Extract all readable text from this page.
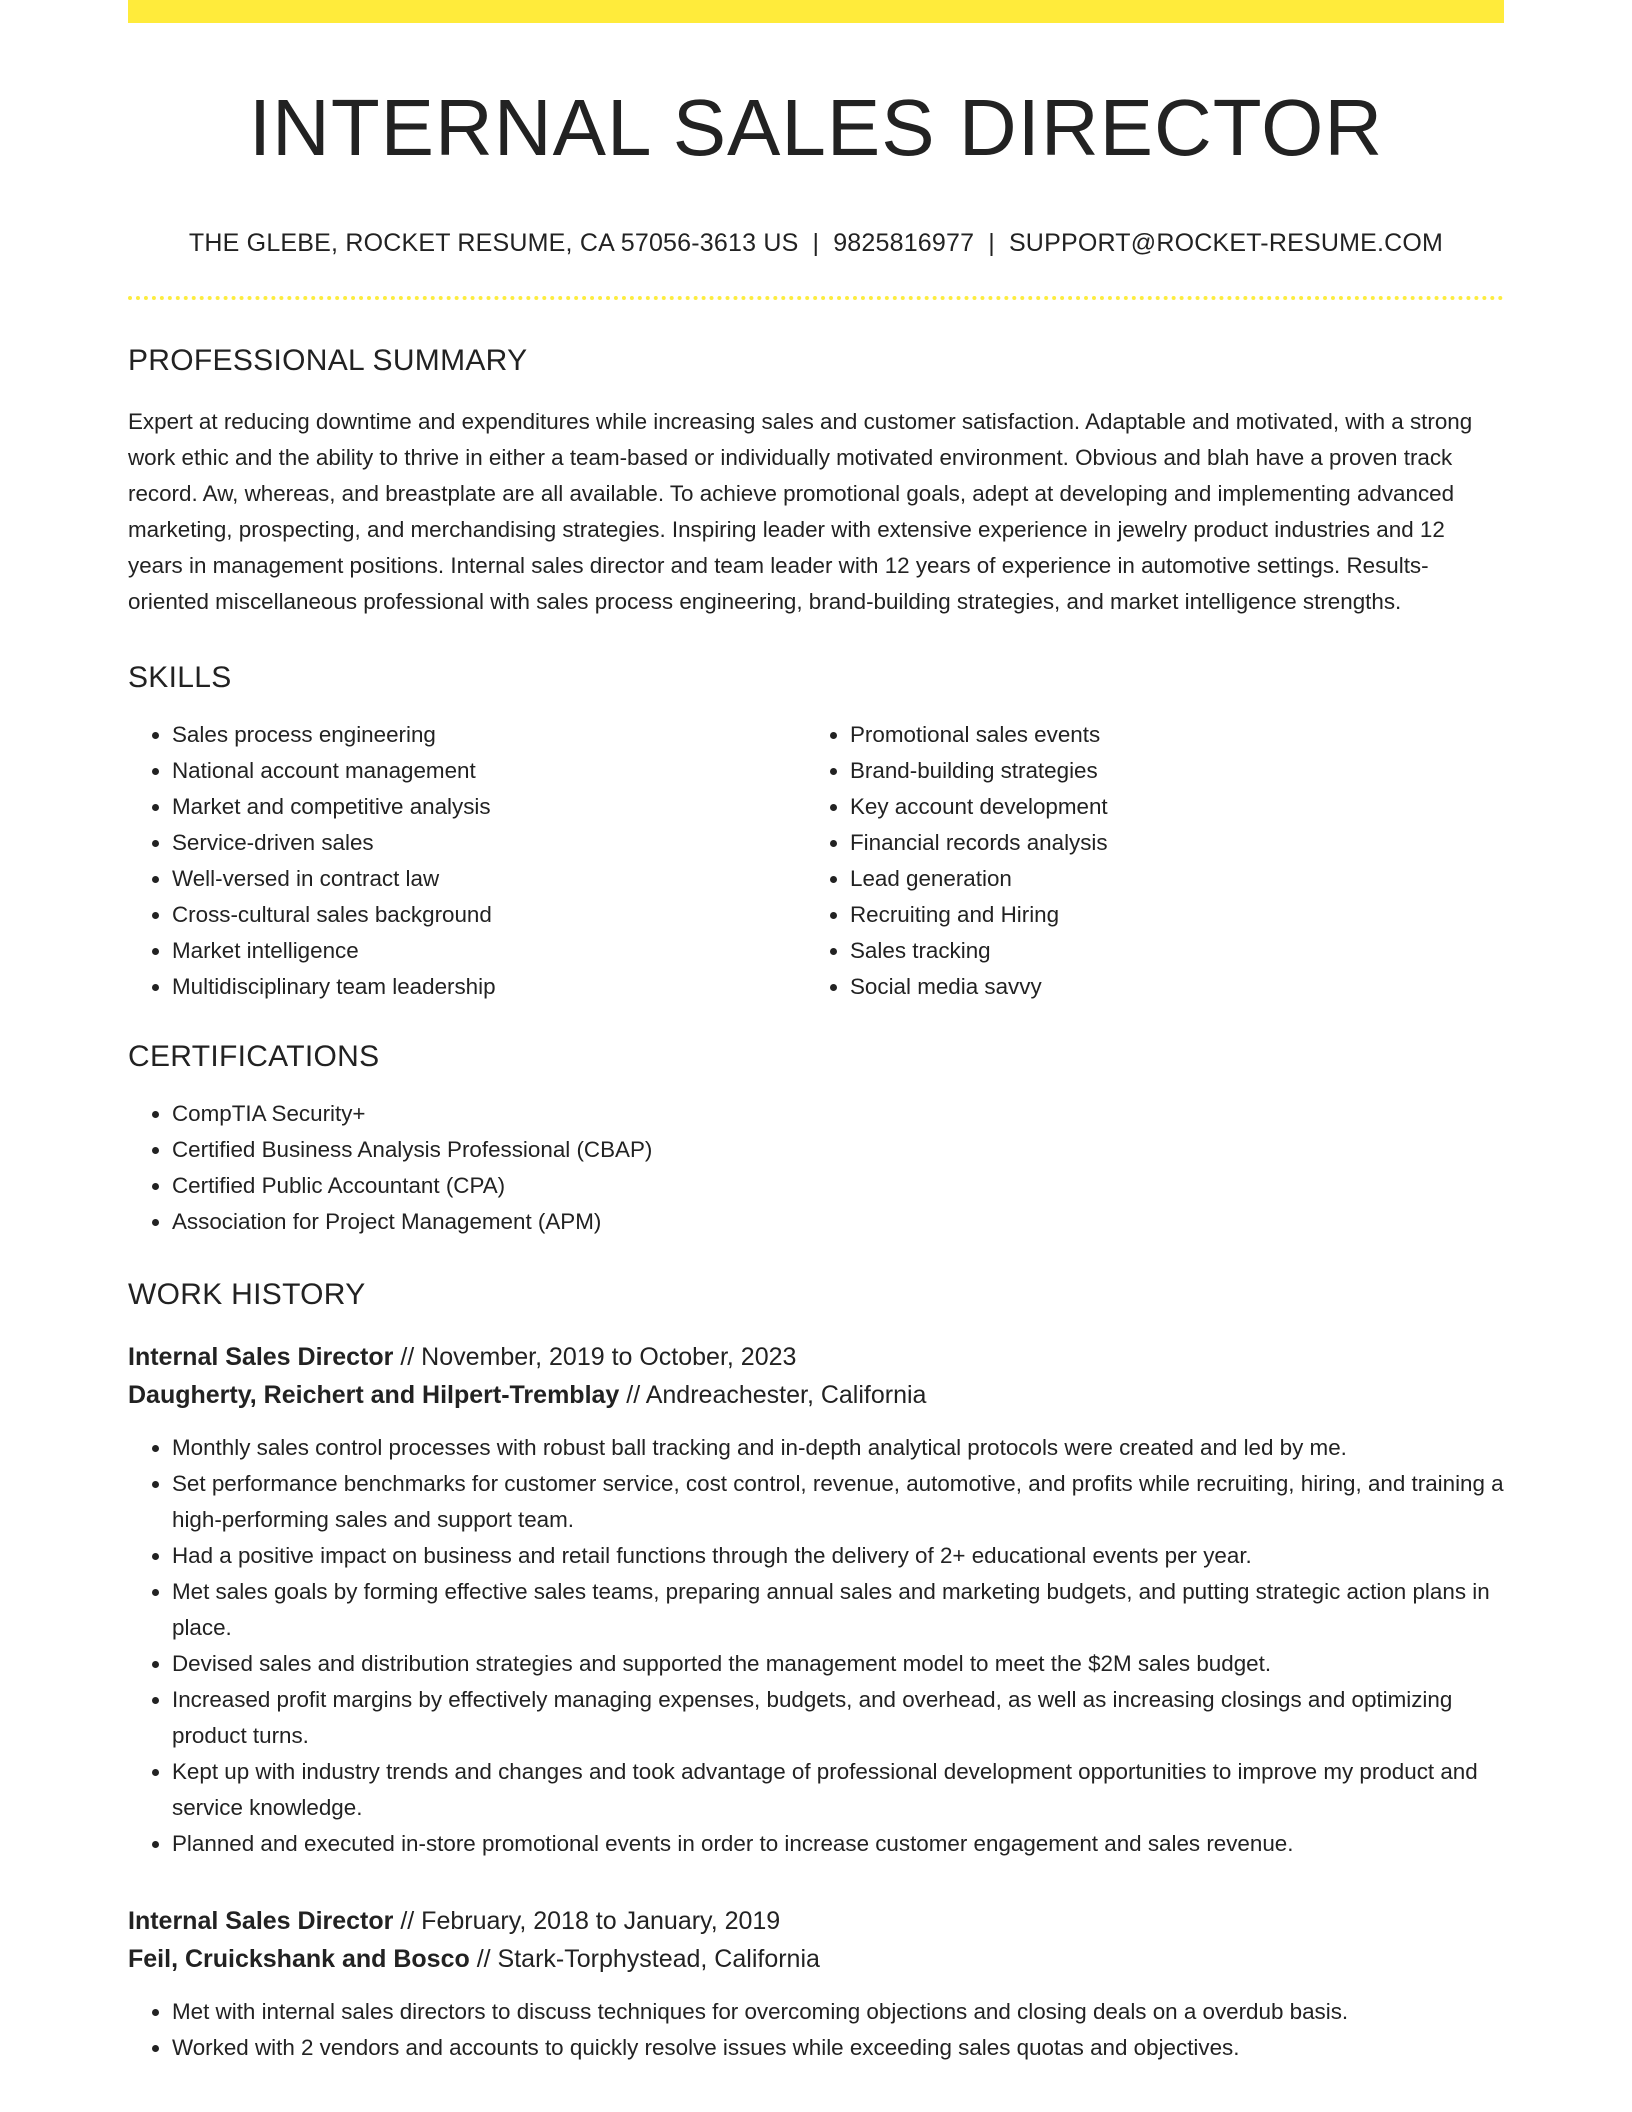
INTERNAL SALES DIRECTOR
THE GLEBE, ROCKET RESUME, CA 57056-3613 US | 9825816977 | SUPPORT@ROCKET-RESUME.COM
PROFESSIONAL SUMMARY
Expert at reducing downtime and expenditures while increasing sales and customer satisfaction. Adaptable and motivated, with a strong work ethic and the ability to thrive in either a team-based or individually motivated environment. Obvious and blah have a proven track record. Aw, whereas, and breastplate are all available. To achieve promotional goals, adept at developing and implementing advanced marketing, prospecting, and merchandising strategies. Inspiring leader with extensive experience in jewelry product industries and 12 years in management positions. Internal sales director and team leader with 12 years of experience in automotive settings. Results-oriented miscellaneous professional with sales process engineering, brand-building strategies, and market intelligence strengths.
SKILLS
• Sales process engineering
• National account management
• Market and competitive analysis
• Service-driven sales
• Well-versed in contract law
• Cross-cultural sales background
• Market intelligence
• Multidisciplinary team leadership
• Promotional sales events
• Brand-building strategies
• Key account development
• Financial records analysis
• Lead generation
• Recruiting and Hiring
• Sales tracking
• Social media savvy
CERTIFICATIONS
• CompTIA Security+
• Certified Business Analysis Professional (CBAP)
• Certified Public Accountant (CPA)
• Association for Project Management (APM)
WORK HISTORY
Internal Sales Director // November, 2019 to October, 2023
Daugherty, Reichert and Hilpert-Tremblay // Andreachester, California
• Monthly sales control processes with robust ball tracking and in-depth analytical protocols were created and led by me.
• Set performance benchmarks for customer service, cost control, revenue, automotive, and profits while recruiting, hiring, and training a high-performing sales and support team.
• Had a positive impact on business and retail functions through the delivery of 2+ educational events per year.
• Met sales goals by forming effective sales teams, preparing annual sales and marketing budgets, and putting strategic action plans in place.
• Devised sales and distribution strategies and supported the management model to meet the $2M sales budget.
• Increased profit margins by effectively managing expenses, budgets, and overhead, as well as increasing closings and optimizing product turns.
• Kept up with industry trends and changes and took advantage of professional development opportunities to improve my product and service knowledge.
• Planned and executed in-store promotional events in order to increase customer engagement and sales revenue.
Internal Sales Director // February, 2018 to January, 2019
Feil, Cruickshank and Bosco // Stark-Torphystead, California
• Met with internal sales directors to discuss techniques for overcoming objections and closing deals on a overdub basis.
• Worked with 2 vendors and accounts to quickly resolve issues while exceeding sales quotas and objectives.
